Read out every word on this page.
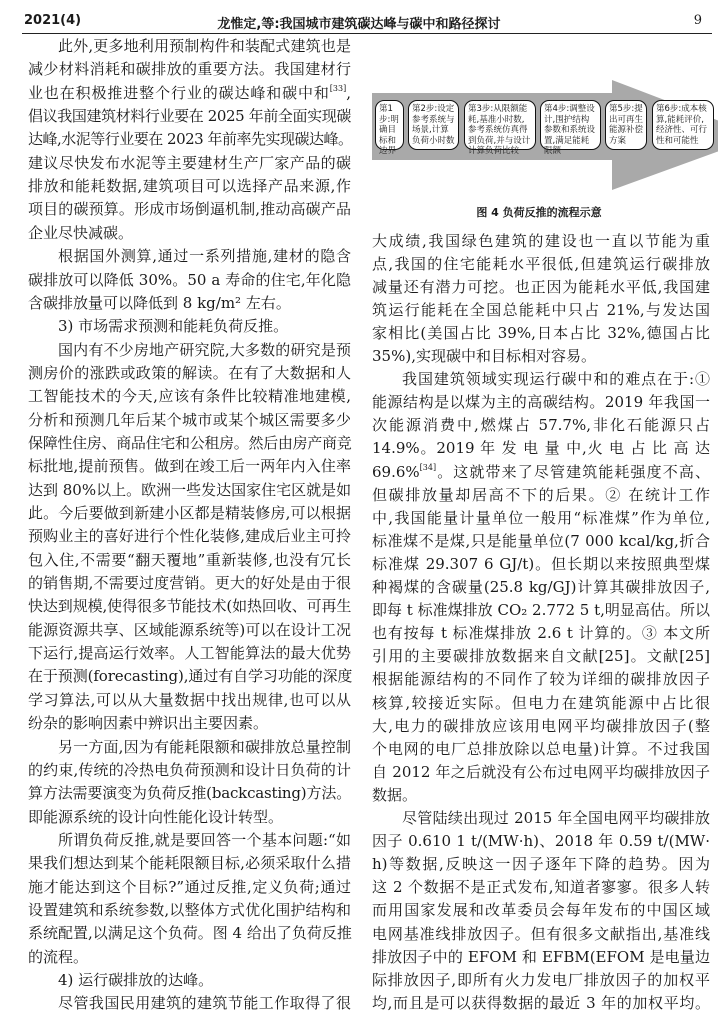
2021(4)	龙惟定,等:我国城市建筑碳达峰与碳中和路径探讨	9
此外,更多地利用预制构件和装配式建筑也是
减少材料消耗和碳排放的重要方法。我国建材行
业也在积极推进整个行业的碳达峰和碳中和[33],
倡议我国建筑材料行业要在 2025 年前全面实现碳
达峰,水泥等行业要在 2023 年前率先实现碳达峰。
建议尽快发布水泥等主要建材生产厂家产品的碳
排放和能耗数据,建筑项目可以选择产品来源,作
项目的碳预算。形成市场倒逼机制,推动高碳产品
企业尽快减碳。
根据国外测算,通过一系列措施,建材的隐含
碳排放可以降低 30%。50 a 寿命的住宅,年化隐
含碳排放量可以降低到 8 kg/m² 左右。
3) 市场需求预测和能耗负荷反推。
国内有不少房地产研究院,大多数的研究是预
测房价的涨跌或政策的解读。在有了大数据和人
工智能技术的今天,应该有条件比较精准地建模,
分析和预测几年后某个城市或某个城区需要多少
保障性住房、商品住宅和公租房。然后由房产商竞
标批地,提前预售。做到在竣工后一两年内入住率
达到 80%以上。欧洲一些发达国家住宅区就是如
此。今后要做到新建小区都是精装修房,可以根据
预购业主的喜好进行个性化装修,建成后业主可拎
包入住,不需要“翻天覆地”重新装修,也没有冗长
的销售期,不需要过度营销。更大的好处是由于很
快达到规模,使得很多节能技术(如热回收、可再生
能源资源共享、区域能源系统等)可以在设计工况
下运行,提高运行效率。人工智能算法的最大优势
在于预测(forecasting),通过有自学习功能的深度
学习算法,可以从大量数据中找出规律,也可以从
纷杂的影响因素中辨识出主要因素。
另一方面,因为有能耗限额和碳排放总量控制
的约束,传统的冷热电负荷预测和设计日负荷的计
算方法需要演变为负荷反推(backcasting)方法。
即能源系统的设计向性能化设计转型。
所谓负荷反推,就是要回答一个基本问题:“如
果我们想达到某个能耗限额目标,必须采取什么措
施才能达到这个目标?”通过反推,定义负荷;通过
设置建筑和系统参数,以整体方式优化围护结构和
系统配置,以满足这个负荷。图 4 给出了负荷反推
的流程。
4) 运行碳排放的达峰。
尽管我国民用建筑的建筑节能工作取得了很
大成绩,我国绿色建筑的建设也一直以节能为重
点,我国的住宅能耗水平很低,但建筑运行碳排放
减量还有潜力可挖。也正因为能耗水平低,我国建
筑运行能耗在全国总能耗中只占 21%,与发达国
家相比(美国占比 39%,日本占比 32%,德国占比
35%),实现碳中和目标相对容易。
我国建筑领域实现运行碳中和的难点在于:①
能源结构是以煤为主的高碳结构。2019 年我国一
次能源消费中,燃煤占 57.7%,非化石能源只占
14.9%。2019 年 发 电 量 中,火 电 占 比 高 达
69.6%[34]。这就带来了尽管建筑能耗强度不高、
但碳排放量却居高不下的后果。② 在统计工作
中,我国能量计量单位一般用“标准煤”作为单位,
标准煤不是煤,只是能量单位(7 000 kcal/kg,折合
标准煤 29.307 6 GJ/t)。但长期以来按照典型煤
种褐煤的含碳量(25.8 kg/GJ)计算其碳排放因子,
即每 t 标准煤排放 CO₂ 2.772 5 t,明显高估。所以
也有按每 t 标准煤排放 2.6 t 计算的。③ 本文所
引用的主要碳排放数据来自文献[25]。文献[25]
根据能源结构的不同作了较为详细的碳排放因子
核算,较接近实际。但电力在建筑能源中占比很
大,电力的碳排放应该用电网平均碳排放因子(整
个电网的电厂总排放除以总电量)计算。不过我国
自 2012 年之后就没有公布过电网平均碳排放因子
数据。
尽管陆续出现过 2015 年全国电网平均碳排放
因子 0.610 1 t/(MW·h)、2018 年 0.59 t/(MW·
h)等数据,反映这一因子逐年下降的趋势。因为
这 2 个数据不是正式发布,知道者寥寥。很多人转
而用国家发展和改革委员会每年发布的中国区域
电网基准线排放因子。但有很多文献指出,基准线
排放因子中的 EFOM 和 EFBM(EFOM 是电量边
际排放因子,即所有火力发电厂排放因子的加权平
均,而且是可以获得数据的最近 3 年的加权平均。
第1步:明确目标和边界
第2步:设定参考系统与场景,计算负荷小时数
第3步:从限额能耗,基准小时数,参考系统仿真得到负荷,并与设计计算负荷比较
第4步:调整设计,围护结构参数和系统设置,满足能耗限额
第5步:提出可再生能源补偿方案
第6步:成本核算,能耗评价,经济性、可行性和可能性
图 4 负荷反推的流程示意
